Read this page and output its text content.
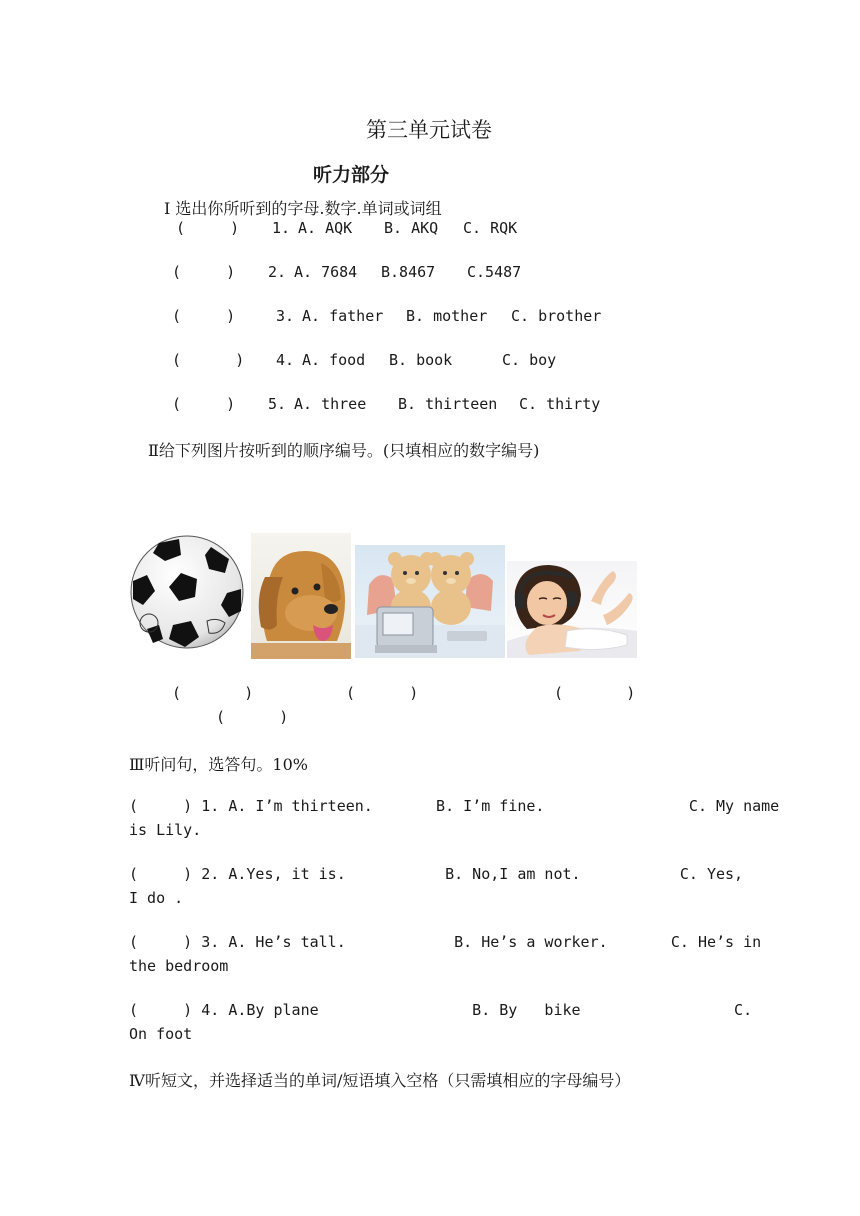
第三单元试卷
听力部分
I 选出你所听到的字母.数字.单词或词组
(     ) 1. A. AQK B. AKQ C. RQK
(     ) 2. A. 7684 B.8467 C.5487
(     )	3. A. father B. mother C. brother
(      ) 4. A. food B. book	C. boy
(     ) 5. A. three B. thirteen C. thirty
Ⅱ给下列图片按听到的顺序编号。(只填相应的数字编号)
(       )	(      )	(       )
(      )
Ⅲ听问句，选答句。10%
(     ) 1. A. I’m thirteen.       B. I’m fine.                C. My name
is Lily.
(     ) 2. A.Yes, it is.           B. No,I am not.           C. Yes,
I do .
(     ) 3. A. He’s tall.            B. He’s a worker.       C. He’s in
the bedroom
(     ) 4. A.By plane                 B. By   bike                 C.
On foot
Ⅳ听短文，并选择适当的单词/短语填入空格（只需填相应的字母编号）
